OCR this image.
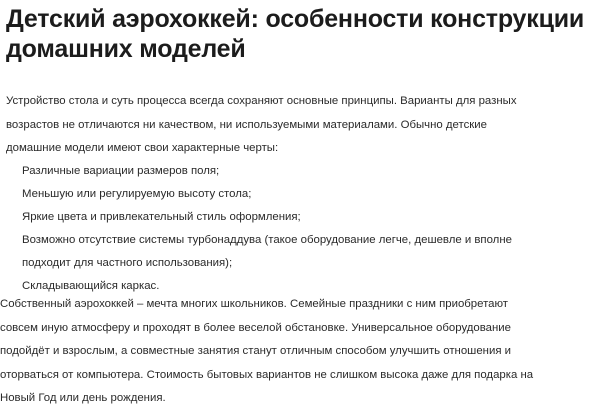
Детский аэрохоккей: особенности конструкции
домашних моделей

Устройство стола и суть процесса всегда сохраняют основные принципы. Варианты для разных
возрастов не отличаются ни качеством, ни используемыми материалами. Обычно детские
домашние модели имеют свои характерные черты:

Различные вариации размеров поля;
Меньшую или регулируемую высоту стола;
Яркие цвета и привлекательный стиль оформления;
Возможно отсутствие системы турбонаддува (такое оборудование легче, дешевле и вполне
подходит для частного использования);
Складывающийся каркас.

Собственный аэрохоккей – мечта многих школьников. Семейные праздники с ним приобретают
совсем иную атмосферу и проходят в более веселой обстановке. Универсальное оборудование
подойдёт и взрослым, а совместные занятия станут отличным способом улучшить отношения и
оторваться от компьютера. Стоимость бытовых вариантов не слишком высока даже для подарка на
Новый Год или день рождения.
